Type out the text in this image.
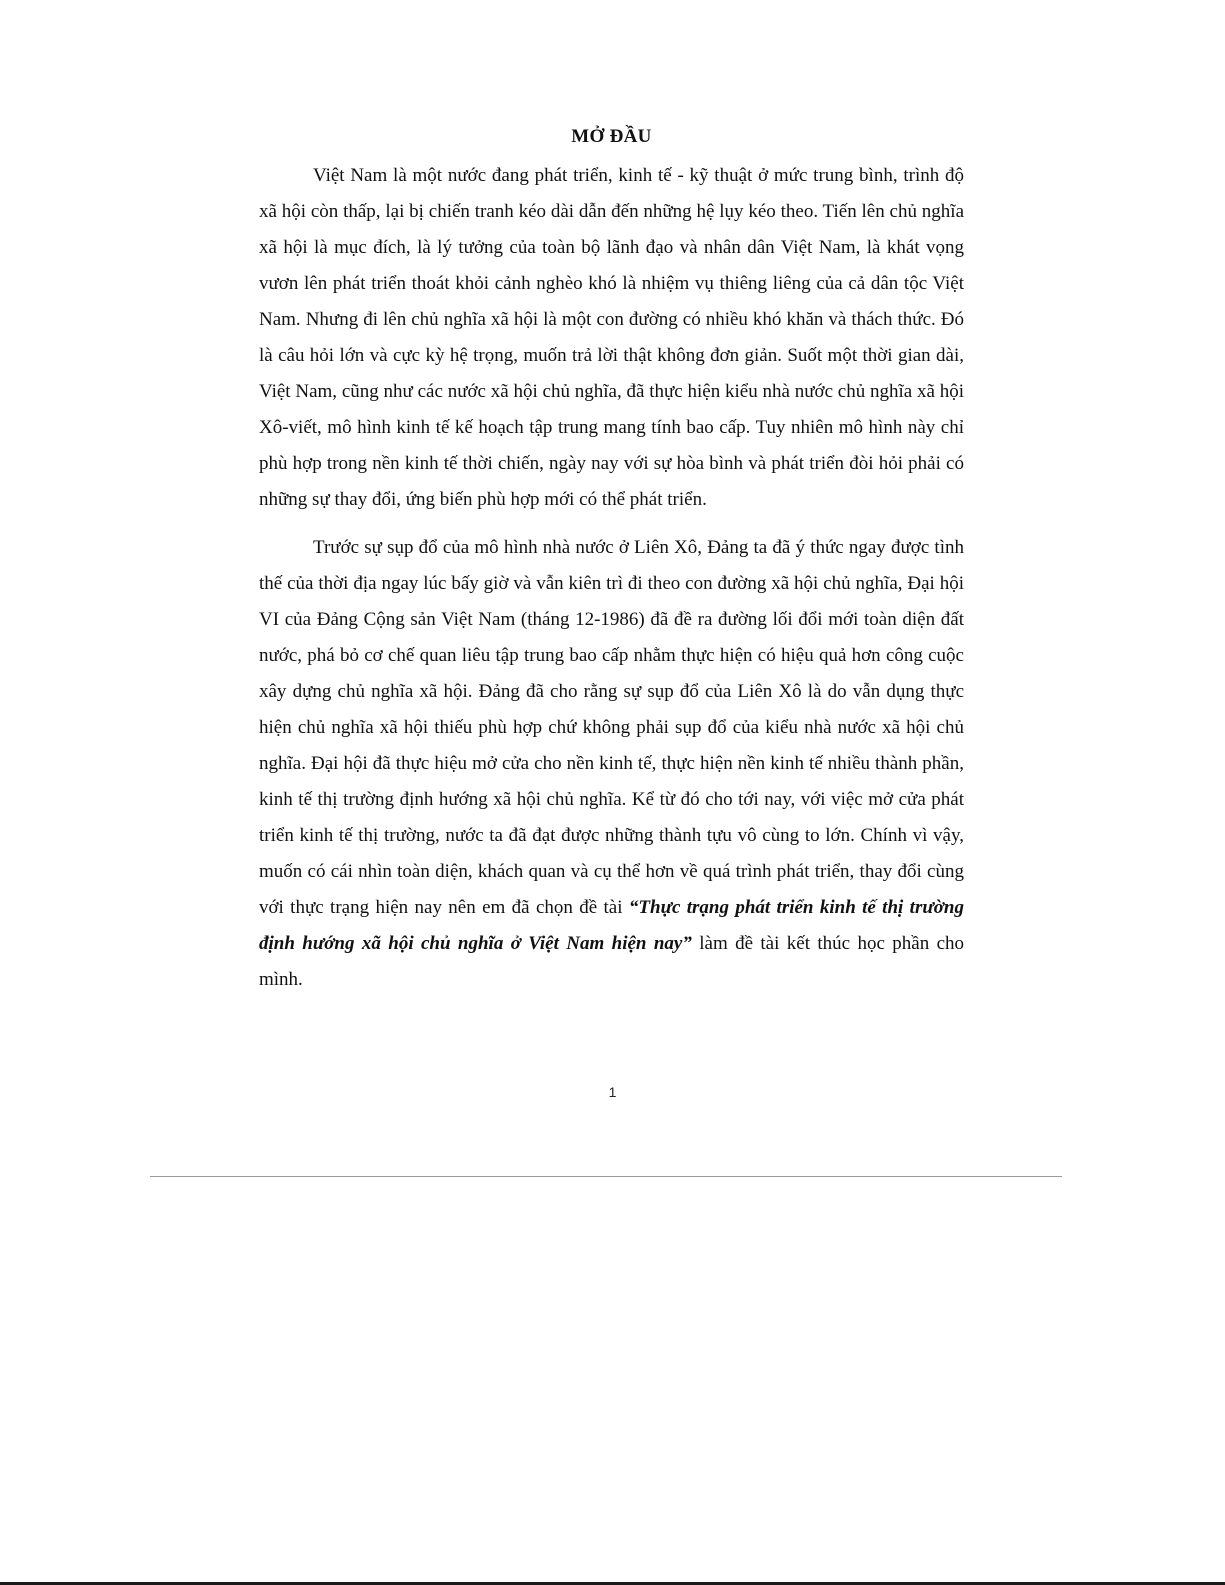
MỞ ĐẦU

Việt Nam là một nước đang phát triển, kinh tế - kỹ thuật ở mức trung bình, trình độ xã hội còn thấp, lại bị chiến tranh kéo dài dẫn đến những hệ lụy kéo theo. Tiến lên chủ nghĩa xã hội là mục đích, là lý tưởng của toàn bộ lãnh đạo và nhân dân Việt Nam, là khát vọng vươn lên phát triển thoát khỏi cảnh nghèo khó là nhiệm vụ thiêng liêng của cả dân tộc Việt Nam. Nhưng đi lên chủ nghĩa xã hội là một con đường có nhiều khó khăn và thách thức. Đó là câu hỏi lớn và cực kỳ hệ trọng, muốn trả lời thật không đơn giản. Suốt một thời gian dài, Việt Nam, cũng như các nước xã hội chủ nghĩa, đã thực hiện kiểu nhà nước chủ nghĩa xã hội Xô-viết, mô hình kinh tế kế hoạch tập trung mang tính bao cấp. Tuy nhiên mô hình này chỉ phù hợp trong nền kinh tế thời chiến, ngày nay với sự hòa bình và phát triển đòi hỏi phải có những sự thay đổi, ứng biến phù hợp mới có thể phát triển.

Trước sự sụp đổ của mô hình nhà nước ở Liên Xô, Đảng ta đã ý thức ngay được tình thế của thời địa ngay lúc bấy giờ và vẫn kiên trì đi theo con đường xã hội chủ nghĩa, Đại hội VI của Đảng Cộng sản Việt Nam (tháng 12-1986) đã đề ra đường lối đổi mới toàn diện đất nước, phá bỏ cơ chế quan liêu tập trung bao cấp nhằm thực hiện có hiệu quả hơn công cuộc xây dựng chủ nghĩa xã hội. Đảng đã cho rằng sự sụp đổ của Liên Xô là do vẫn dụng thực hiện chủ nghĩa xã hội thiếu phù hợp chứ không phải sụp đổ của kiểu nhà nước xã hội chủ nghĩa. Đại hội đã thực hiệu mở cửa cho nền kinh tế, thực hiện nền kinh tế nhiều thành phần, kinh tế thị trường định hướng xã hội chủ nghĩa. Kể từ đó cho tới nay, với việc mở cửa phát triển kinh tế thị trường, nước ta đã đạt được những thành tựu vô cùng to lớn. Chính vì vậy, muốn có cái nhìn toàn diện, khách quan và cụ thể hơn về quá trình phát triển, thay đổi cùng với thực trạng hiện nay nên em đã chọn đề tài “Thực trạng phát triển kinh tế thị trường định hướng xã hội chủ nghĩa ở Việt Nam hiện nay” làm đề tài kết thúc học phần cho mình.

1
